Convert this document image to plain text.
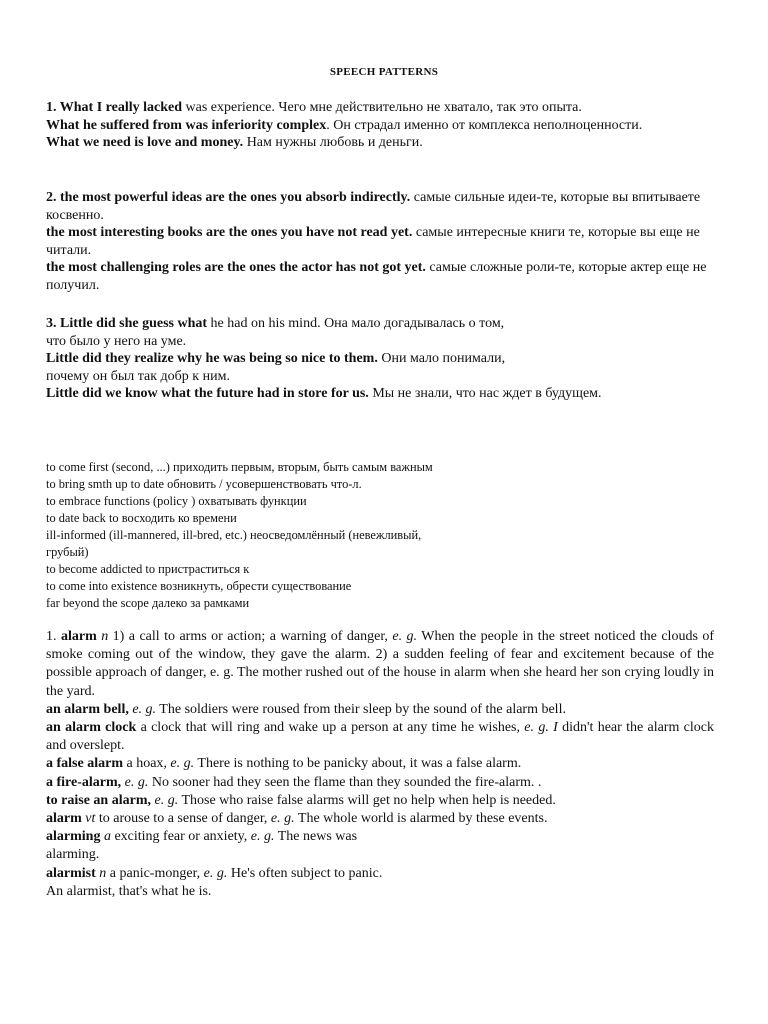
SPEECH PATTERNS

1. What I really lacked was experience. Чего мне действительно не хватало, так это опыта.

What he suffered from was inferiority complex. Он страдал именно от комплекса неполноценности.

What we need is love and money. Нам нужны любовь и деньги.

2. the most powerful ideas are the ones you absorb indirectly. самые сильные идеи-те, которые вы впитываете косвенно.

the most interesting books are the ones you have not read yet. самые интересные книги те, которые вы еще не читали.

the most challenging roles are the ones the actor has not got yet. самые сложные роли-те, которые актер еще не получил.

3. Little did she guess what he had on his mind. Она мало догадывалась о том,
что было у него на уме.

Little did they realize why he was being so nice to them. Они мало понимали,
почему он был так добр к ним.

Little did we know what the future had in store for us. Мы не знали, что нас ждет в будущем.

to come first (second, ...) приходить первым, вторым, быть самым важным

to bring smth up to date обновить / усовершенствовать что-л.

to embrace functions (policy ) охватывать функции

to date back to восходить ко времени

ill-informed (ill-mannered, ill-bred, etc.) неосведомлённый (невежливый,

грубый)

to become addicted to пристраститься к

to come into existence возникнуть, обрести существование

far beyond the scope далеко за рамками

1. alarm n 1) a call to arms or action; a warning of danger, e. g. When the people in the street noticed the clouds of smoke coming out of the window, they gave the alarm. 2) a sudden feeling of fear and excitement because of the possible approach of danger, e. g. The mother rushed out of the house in alarm when she heard her son crying loudly in the yard.

an alarm bell, e. g. The soldiers were roused from their sleep by the sound of the alarm bell.

an alarm clock a clock that will ring and wake up a person at any time he wishes, e. g. I didn't hear the alarm clock and overslept.

a false alarm a hoax, e. g. There is nothing to be panicky about, it was a false alarm.

a fire-alarm, e. g. No sooner had they seen the flame than they sounded the fire-alarm. .

to raise an alarm, e. g. Those who raise false alarms will get no help when help is needed.

alarm vt to arouse to a sense of danger, e. g. The whole world is alarmed by these events.

alarming a exciting fear or anxiety, e. g. The news was
alarming.

alarmist n a panic-monger, e. g. He's often subject to panic.
An alarmist, that's what he is.
